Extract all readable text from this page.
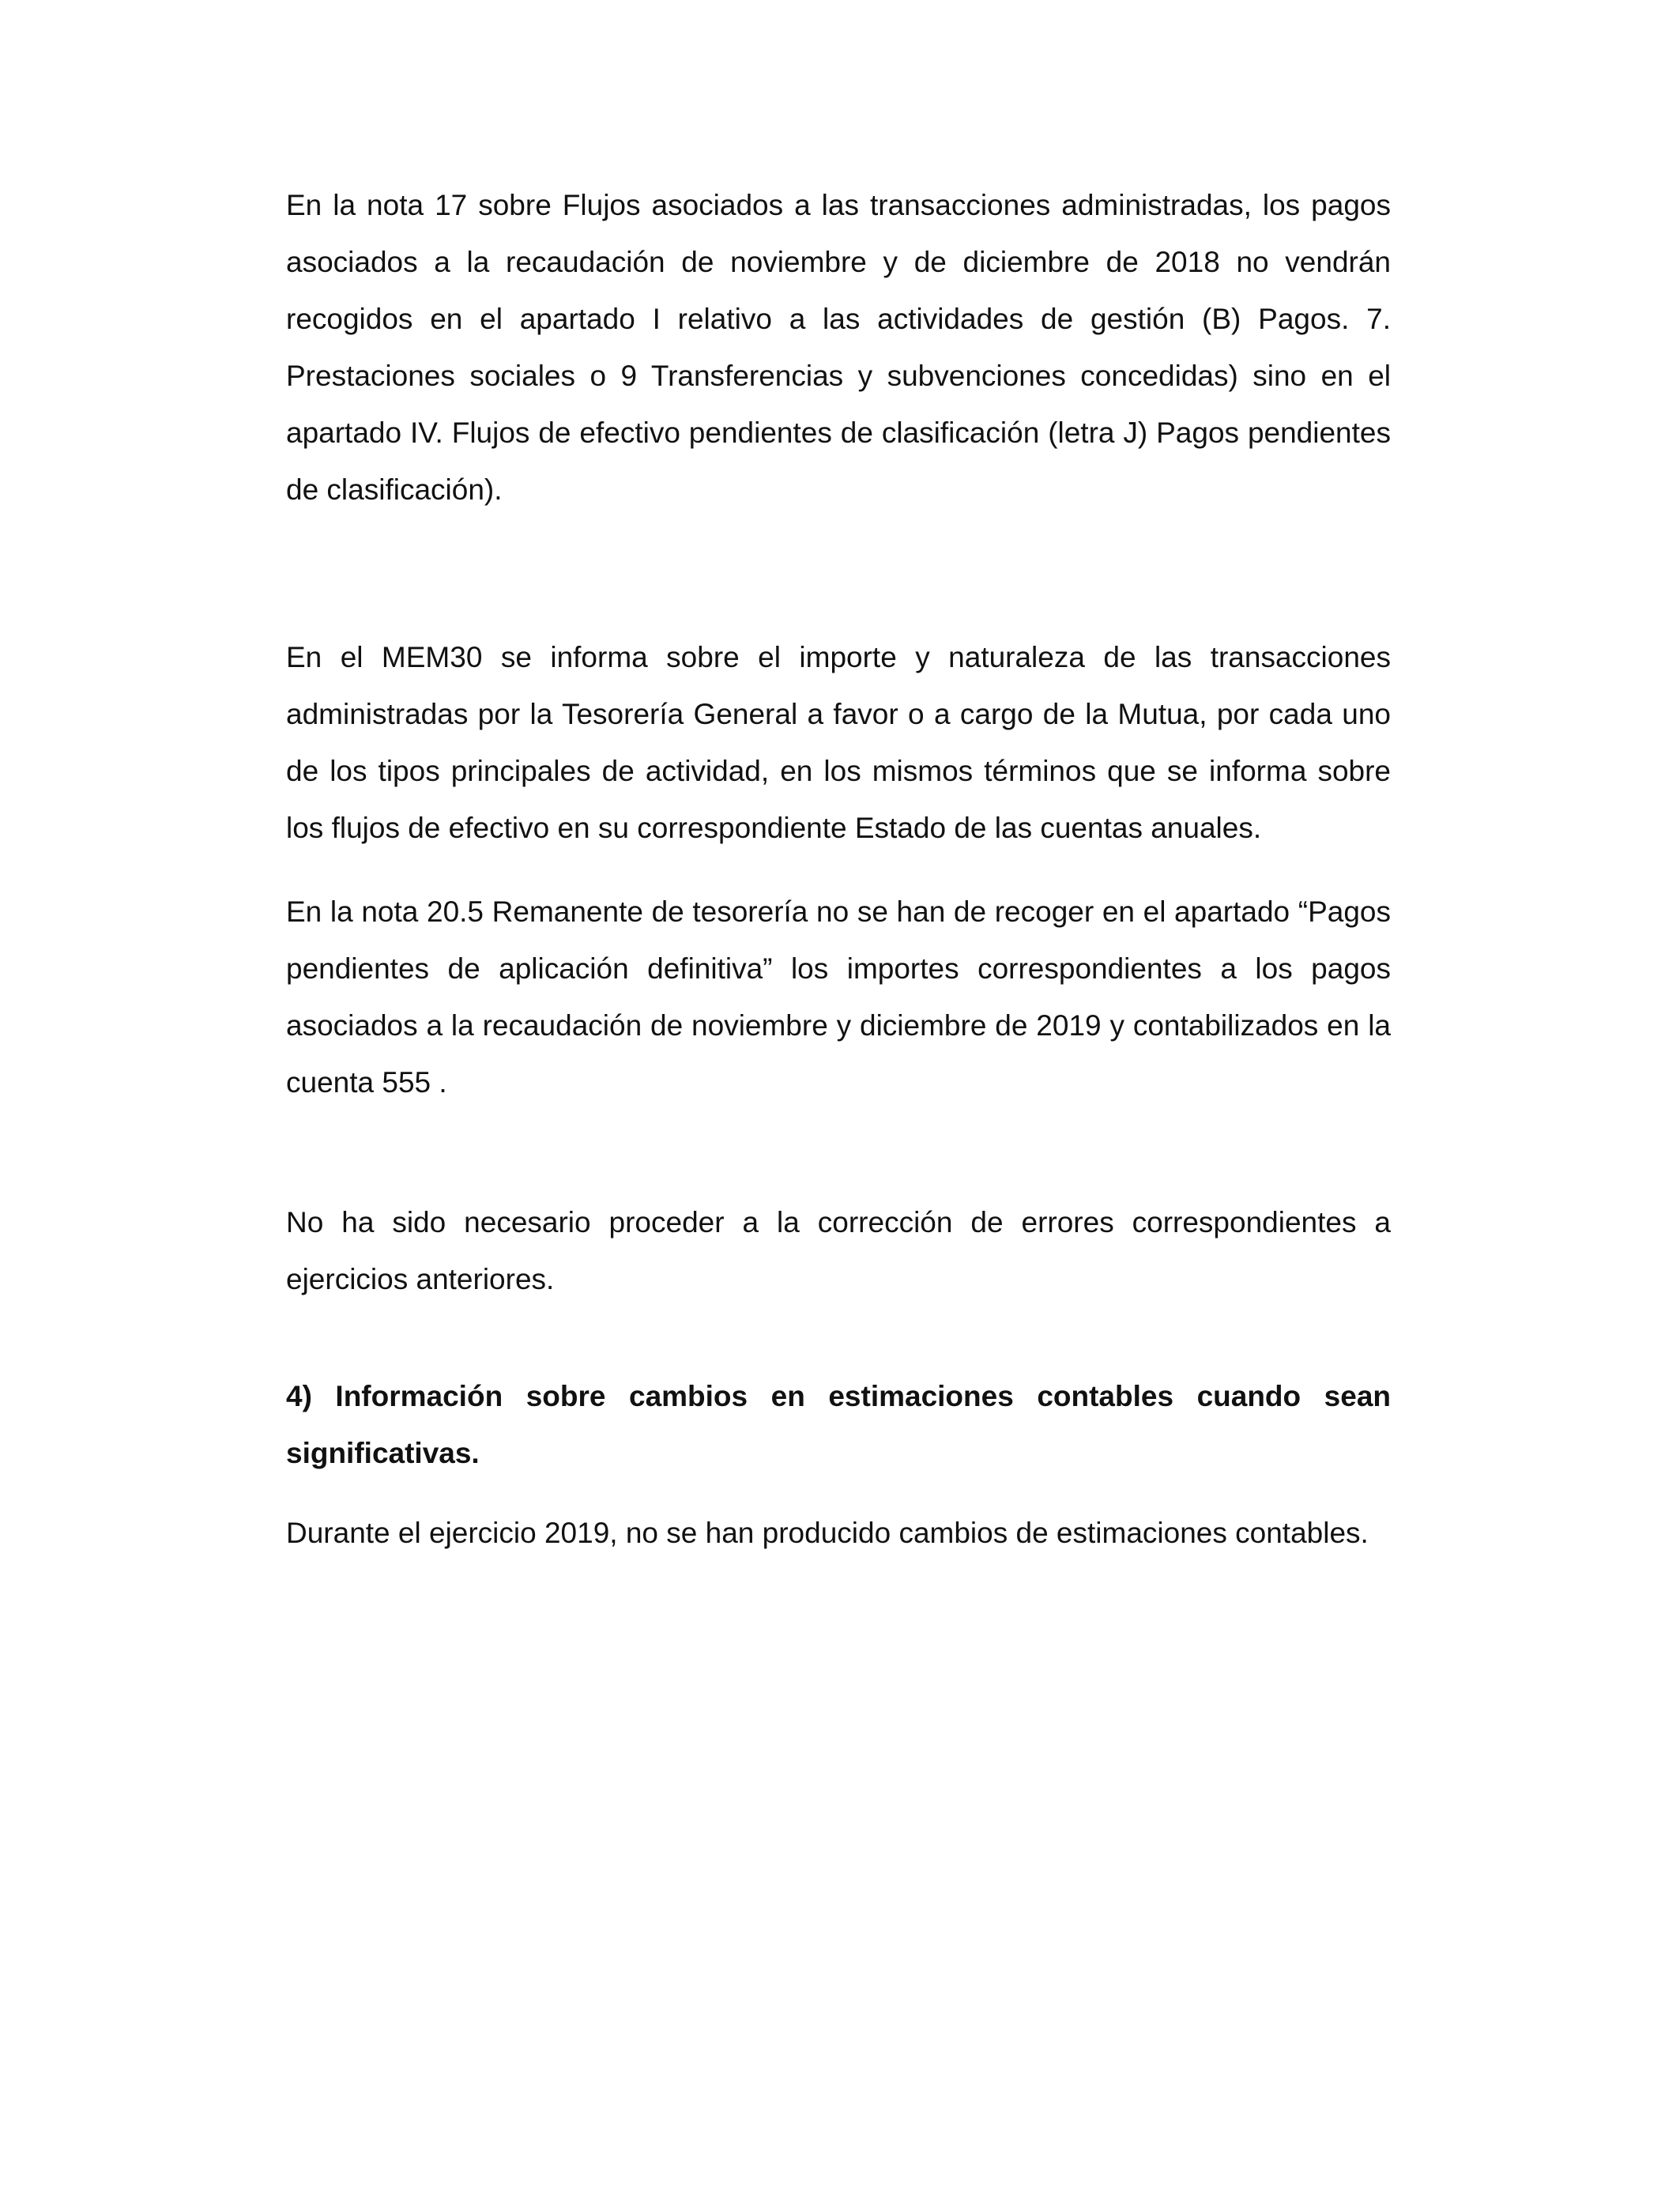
En la nota 17 sobre Flujos asociados a las transacciones administradas, los pagos asociados a la recaudación de noviembre y de diciembre de 2018 no vendrán recogidos en el apartado I relativo a las actividades de gestión (B) Pagos. 7. Prestaciones sociales o 9 Transferencias y subvenciones concedidas) sino en el apartado IV. Flujos de efectivo pendientes de clasificación (letra J) Pagos pendientes de clasificación).

En el MEM30 se informa sobre el importe y naturaleza de las transacciones administradas por la Tesorería General a favor o a cargo de la Mutua, por cada uno de los tipos principales de actividad, en los mismos términos que se informa sobre los flujos de efectivo en su correspondiente Estado de las cuentas anuales.

En la nota 20.5 Remanente de tesorería no se han de recoger en el apartado “Pagos pendientes de aplicación definitiva” los importes correspondientes a los pagos asociados a la recaudación de noviembre y diciembre de 2019 y contabilizados en la cuenta 555 .

No ha sido necesario proceder a la corrección de errores correspondientes a ejercicios anteriores.

4) Información sobre cambios en estimaciones contables cuando sean significativas.

Durante el ejercicio 2019, no se han producido cambios de estimaciones contables.
